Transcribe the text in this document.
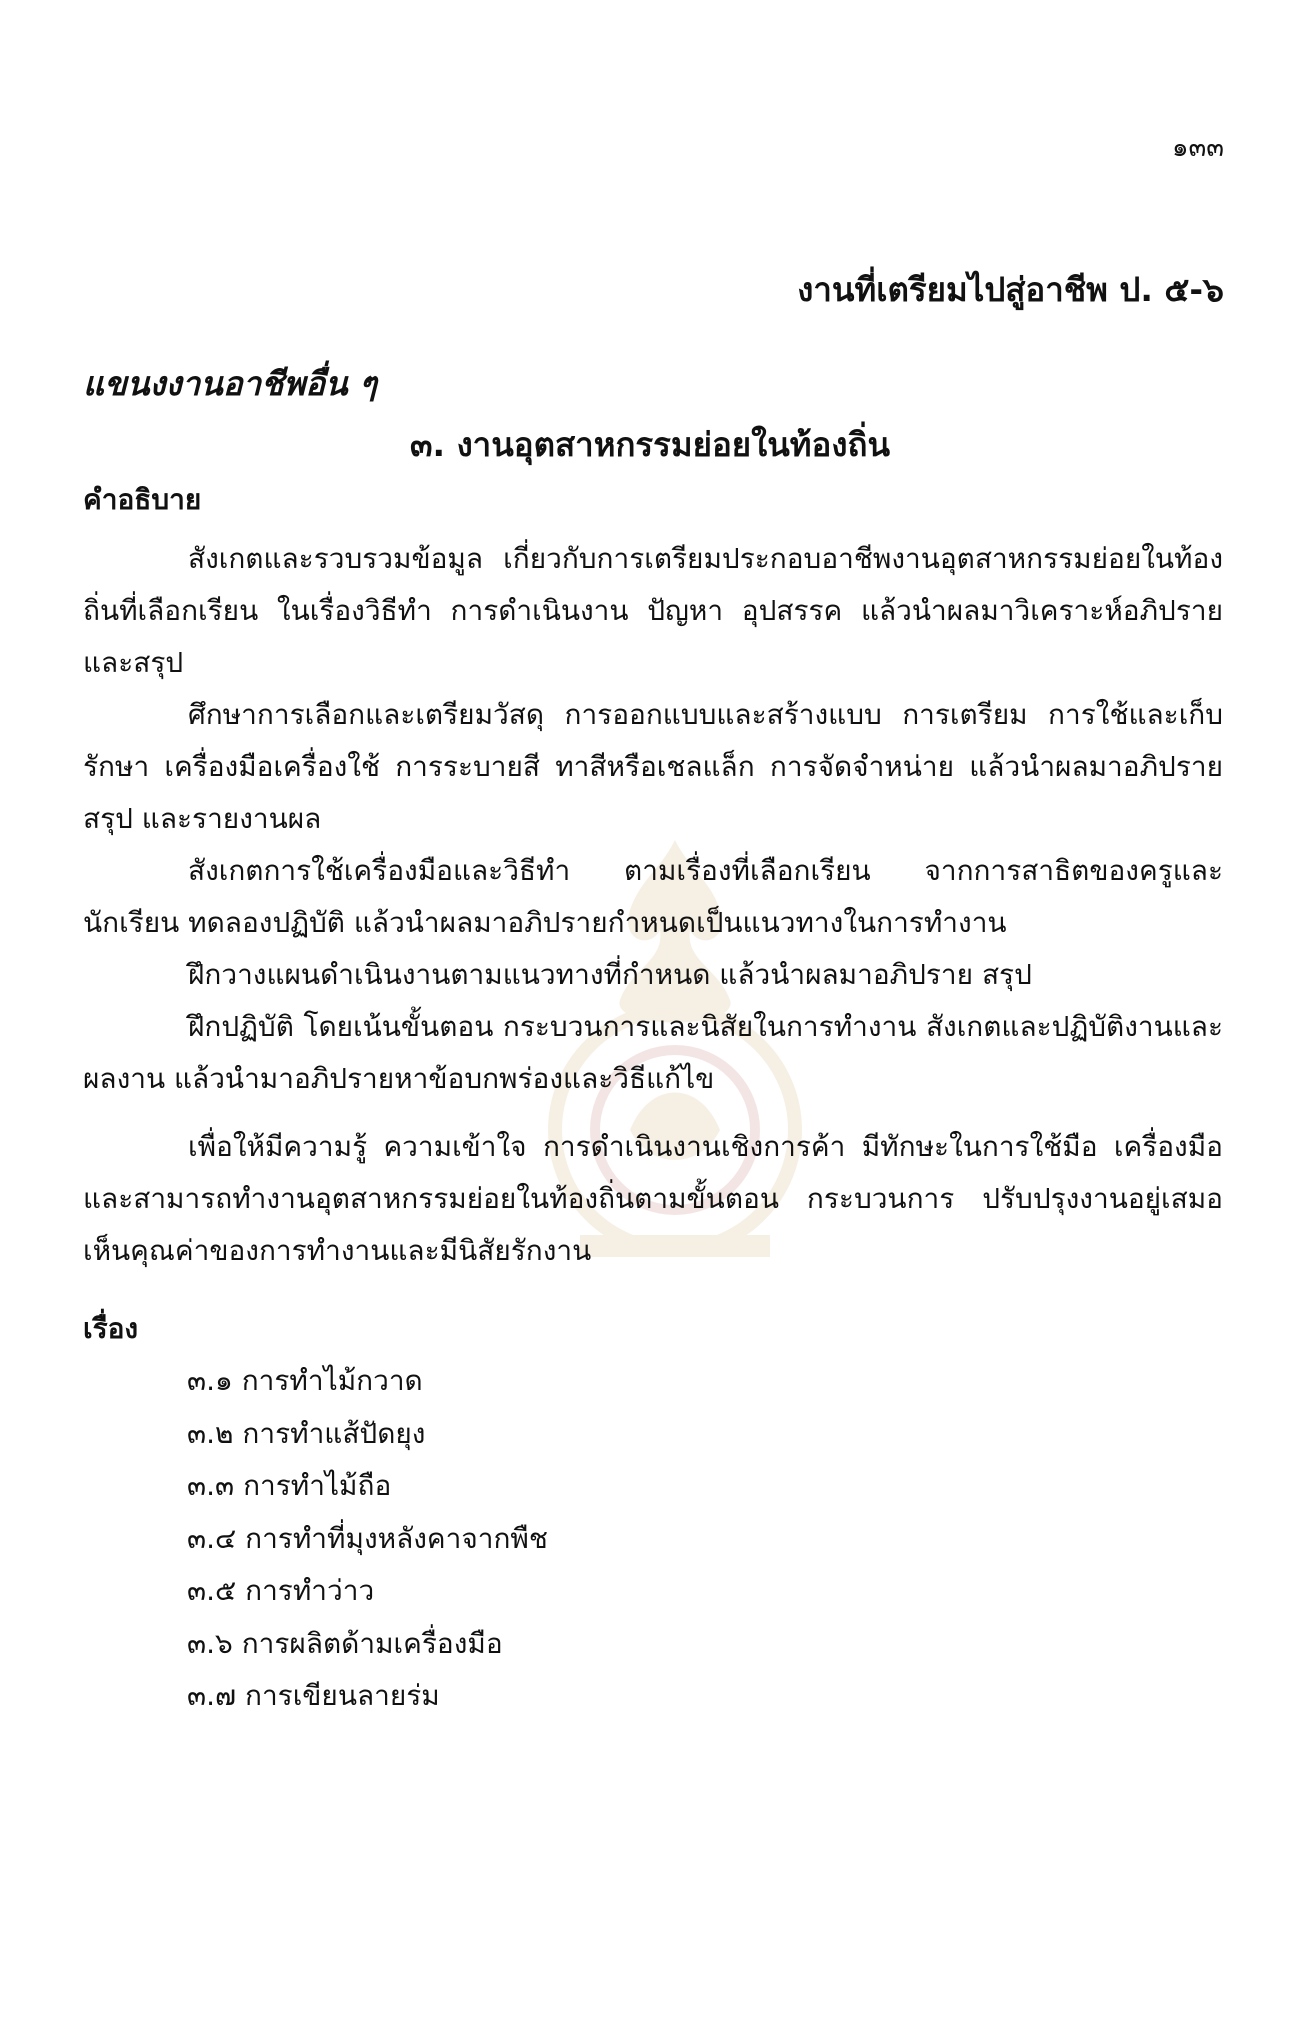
๑๓๓
งานที่เตรียมไปสู่อาชีพ ป. ๕-๖
แขนงงานอาชีพอื่น ๆ
๓. งานอุตสาหกรรมย่อยในท้องถิ่น
คำอธิบาย

สังเกตและรวบรวมข้อมูล เกี่ยวกับการเตรียมประกอบอาชีพงานอุตสาหกรรมย่อยในท้องถิ่นที่เลือกเรียน ในเรื่องวิธีทำ การดำเนินงาน ปัญหา อุปสรรค แล้วนำผลมาวิเคราะห์อภิปรายและสรุป

ศึกษาการเลือกและเตรียมวัสดุ การออกแบบและสร้างแบบ การเตรียม การใช้และเก็บรักษา เครื่องมือเครื่องใช้ การระบายสี ทาสีหรือเชลแล็ก การจัดจำหน่าย แล้วนำผลมาอภิปราย สรุป และรายงานผล

สังเกตการใช้เครื่องมือและวิธีทำ ตามเรื่องที่เลือกเรียน จากการสาธิตของครูและนักเรียน ทดลองปฏิบัติ แล้วนำผลมาอภิปรายกำหนดเป็นแนวทางในการทำงาน

ฝึกวางแผนดำเนินงานตามแนวทางที่กำหนด แล้วนำผลมาอภิปราย สรุป

ฝึกปฏิบัติ โดยเน้นขั้นตอน กระบวนการและนิสัยในการทำงาน สังเกตและปฏิบัติงานและผลงาน แล้วนำมาอภิปรายหาข้อบกพร่องและวิธีแก้ไข

เพื่อให้มีความรู้ ความเข้าใจ การดำเนินงานเชิงการค้า มีทักษะในการใช้มือ เครื่องมือและสามารถทำงานอุตสาหกรรมย่อยในท้องถิ่นตามขั้นตอน กระบวนการ ปรับปรุงงานอยู่เสมอเห็นคุณค่าของการทำงานและมีนิสัยรักงาน

เรื่อง
๓.๑ การทำไม้กวาด
๓.๒ การทำแส้ปัดยุง
๓.๓ การทำไม้ถือ
๓.๔ การทำที่มุงหลังคาจากพืช
๓.๕ การทำว่าว
๓.๖ การผลิตด้ามเครื่องมือ
๓.๗ การเขียนลายร่ม
